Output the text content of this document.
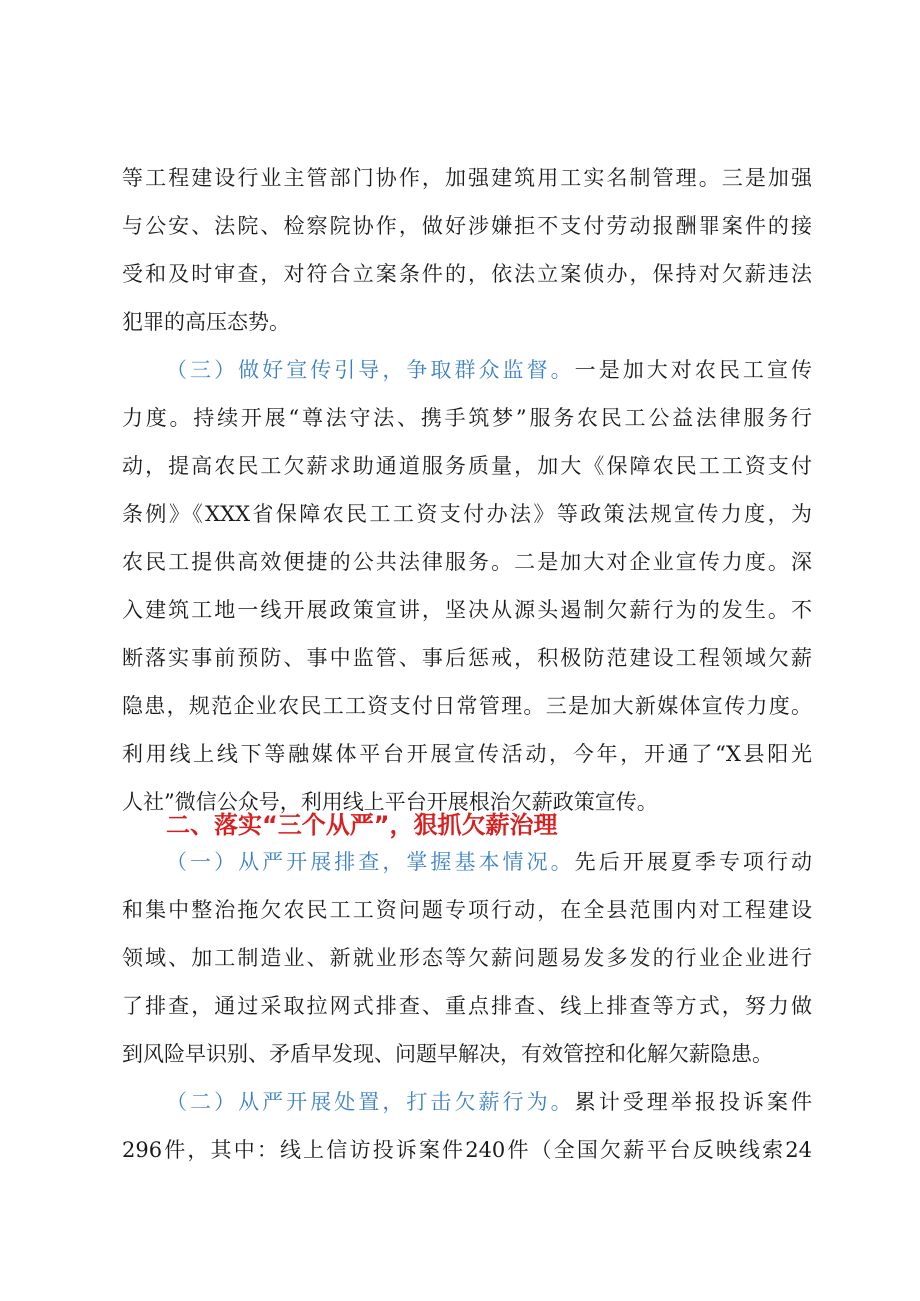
等工程建设行业主管部门协作，加强建筑用工实名制管理。三是加强
与公安、法院、检察院协作，做好涉嫌拒不支付劳动报酬罪案件的接
受和及时审查，对符合立案条件的，依法立案侦办，保持对欠薪违法
犯罪的高压态势。
（三）做好宣传引导，争取群众监督。一是加大对农民工宣传
力度。持续开展“尊法守法、携手筑梦”服务农民工公益法律服务行
动，提高农民工欠薪求助通道服务质量，加大《保障农民工工资支付
条例》《XXX省保障农民工工资支付办法》等政策法规宣传力度，为
农民工提供高效便捷的公共法律服务。二是加大对企业宣传力度。深
入建筑工地一线开展政策宣讲，坚决从源头遏制欠薪行为的发生。不
断落实事前预防、事中监管、事后惩戒，积极防范建设工程领域欠薪
隐患，规范企业农民工工资支付日常管理。三是加大新媒体宣传力度。
利用线上线下等融媒体平台开展宣传活动，今年，开通了“X县阳光
人社”微信公众号，利用线上平台开展根治欠薪政策宣传。
二、落实“三个从严”，狠抓欠薪治理
（一）从严开展排查，掌握基本情况。先后开展夏季专项行动
和集中整治拖欠农民工工资问题专项行动，在全县范围内对工程建设
领域、加工制造业、新就业形态等欠薪问题易发多发的行业企业进行
了排查，通过采取拉网式排查、重点排查、线上排查等方式，努力做
到风险早识别、矛盾早发现、问题早解决，有效管控和化解欠薪隐患。
（二）从严开展处置，打击欠薪行为。累计受理举报投诉案件
296件，其中：线上信访投诉案件240件（全国欠薪平台反映线索24
